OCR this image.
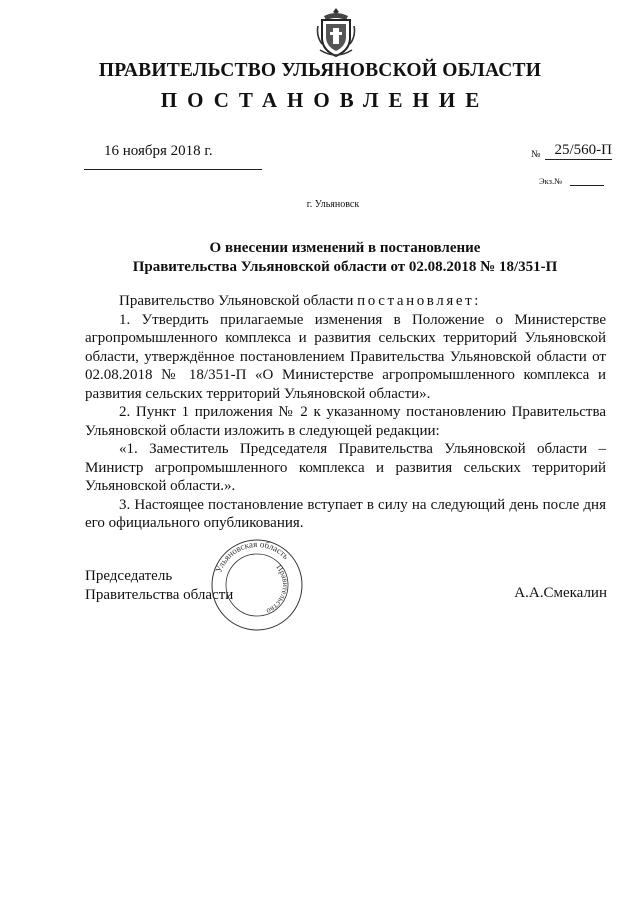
ПРАВИТЕЛЬСТВО УЛЬЯНОВСКОЙ ОБЛАСТИ
ПОСТАНОВЛЕНИЕ
16 ноября 2018 г.	№ 25/560-П
Экз.№
г. Ульяновск
О внесении изменений в постановление
Правительства Ульяновской области от 02.08.2018 № 18/351-П

Правительство Ульяновской области постановляет:

1. Утвердить прилагаемые изменения в Положение о Министерстве агропромышленного комплекса и развития сельских территорий Ульяновской области, утверждённое постановлением Правительства Ульяновской области от 02.08.2018 № 18/351-П «О Министерстве агропромышленного комплекса и развития сельских территорий Ульяновской области».

2. Пункт 1 приложения № 2 к указанному постановлению Правительства Ульяновской области изложить в следующей редакции:

«1. Заместитель Председателя Правительства Ульяновской области – Министр агропромышленного комплекса и развития сельских территорий Ульяновской области.».

3. Настоящее постановление вступает в силу на следующий день после дня его официального опубликования.

Председатель
Правительства области	А.А.Смекалин
Ульяновская область
Правительство
